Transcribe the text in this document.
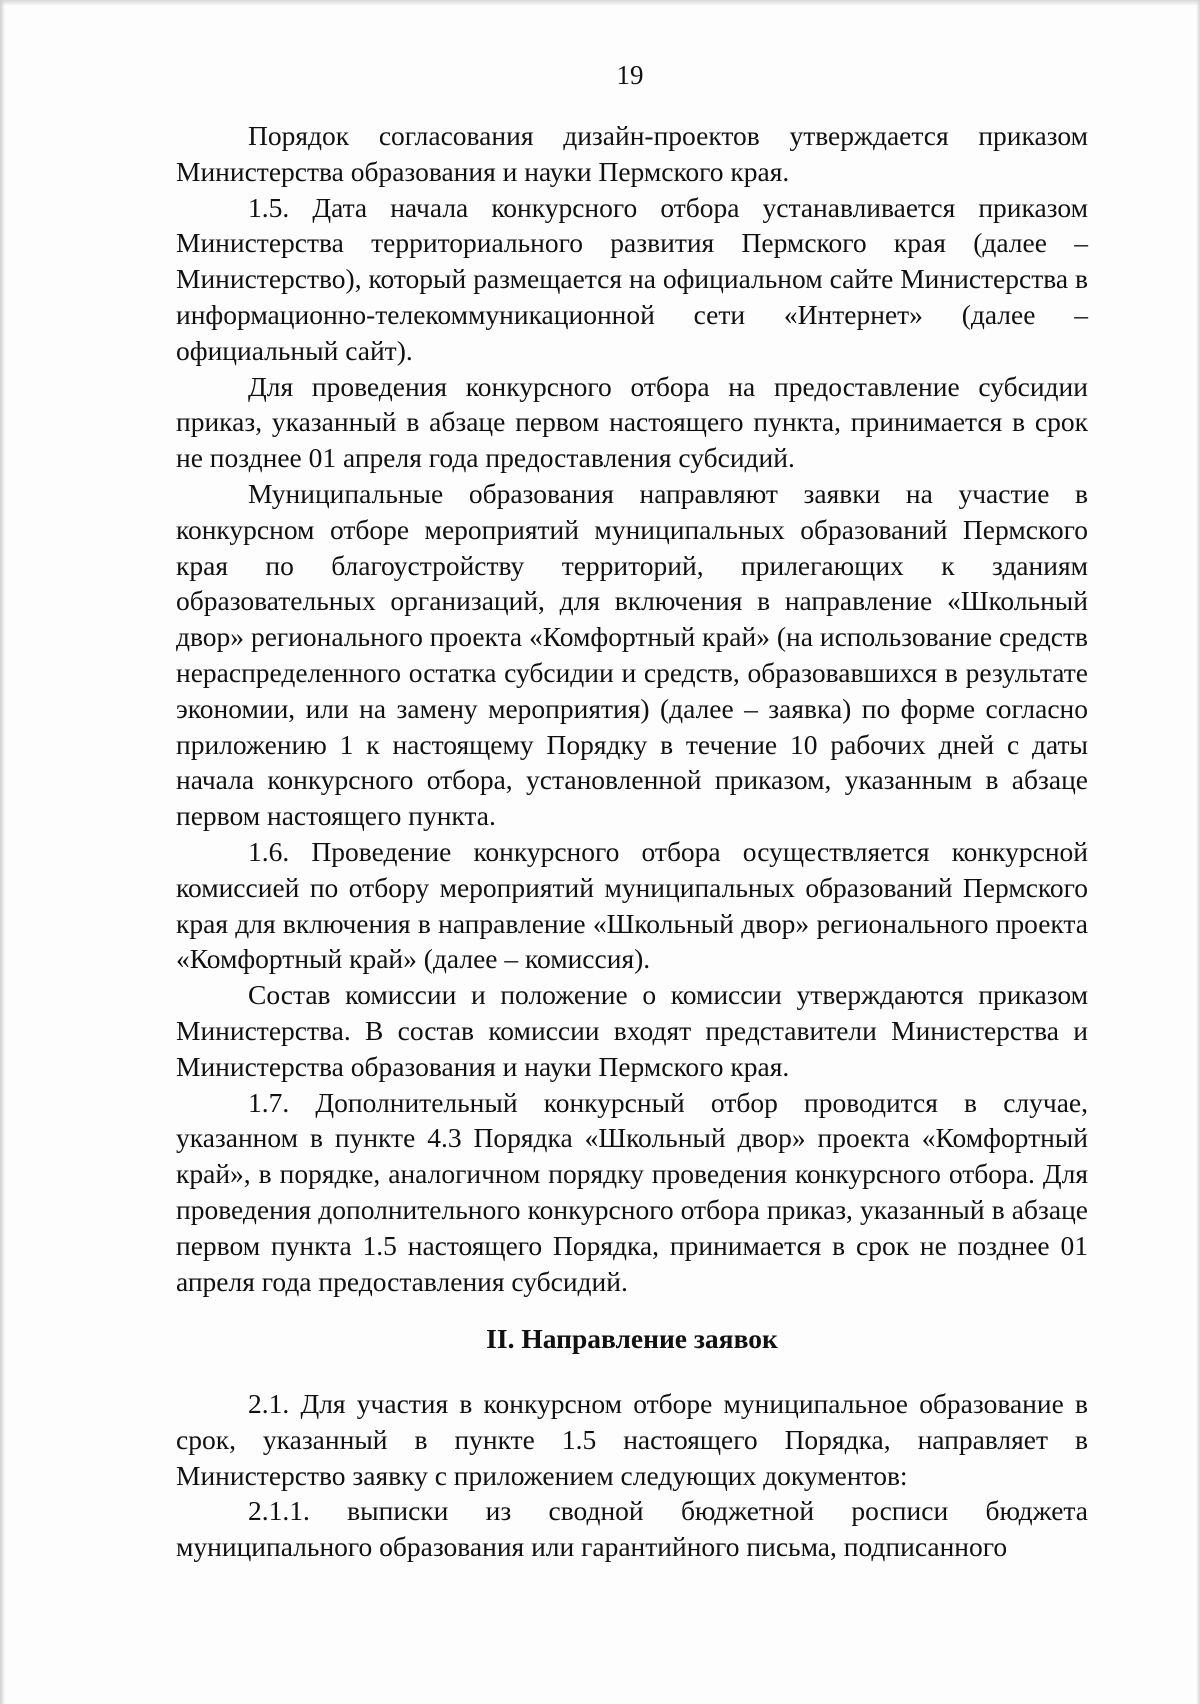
19

Порядок согласования дизайн-проектов утверждается приказом Министерства образования и науки Пермского края.

1.5. Дата начала конкурсного отбора устанавливается приказом Министерства территориального развития Пермского края (далее – Министерство), который размещается на официальном сайте Министерства в информационно-телекоммуникационной сети «Интернет» (далее – официальный сайт).

Для проведения конкурсного отбора на предоставление субсидии приказ, указанный в абзаце первом настоящего пункта, принимается в срок не позднее 01 апреля года предоставления субсидий.

Муниципальные образования направляют заявки на участие в конкурсном отборе мероприятий муниципальных образований Пермского края по благоустройству территорий, прилегающих к зданиям образовательных организаций, для включения в направление «Школьный двор» регионального проекта «Комфортный край» (на использование средств нераспределенного остатка субсидии и средств, образовавшихся в результате экономии, или на замену мероприятия) (далее – заявка) по форме согласно приложению 1 к настоящему Порядку в течение 10 рабочих дней с даты начала конкурсного отбора, установленной приказом, указанным в абзаце первом настоящего пункта.

1.6. Проведение конкурсного отбора осуществляется конкурсной комиссией по отбору мероприятий муниципальных образований Пермского края для включения в направление «Школьный двор» регионального проекта «Комфортный край» (далее – комиссия).

Состав комиссии и положение о комиссии утверждаются приказом Министерства. В состав комиссии входят представители Министерства и Министерства образования и науки Пермского края.

1.7. Дополнительный конкурсный отбор проводится в случае, указанном в пункте 4.3 Порядка «Школьный двор» проекта «Комфортный край», в порядке, аналогичном порядку проведения конкурсного отбора. Для проведения дополнительного конкурсного отбора приказ, указанный в абзаце первом пункта 1.5 настоящего Порядка, принимается в срок не позднее 01 апреля года предоставления субсидий.

II. Направление заявок

2.1. Для участия в конкурсном отборе муниципальное образование в срок, указанный в пункте 1.5 настоящего Порядка, направляет в Министерство заявку с приложением следующих документов:

2.1.1. выписки из сводной бюджетной росписи бюджета муниципального образования или гарантийного письма, подписанного
